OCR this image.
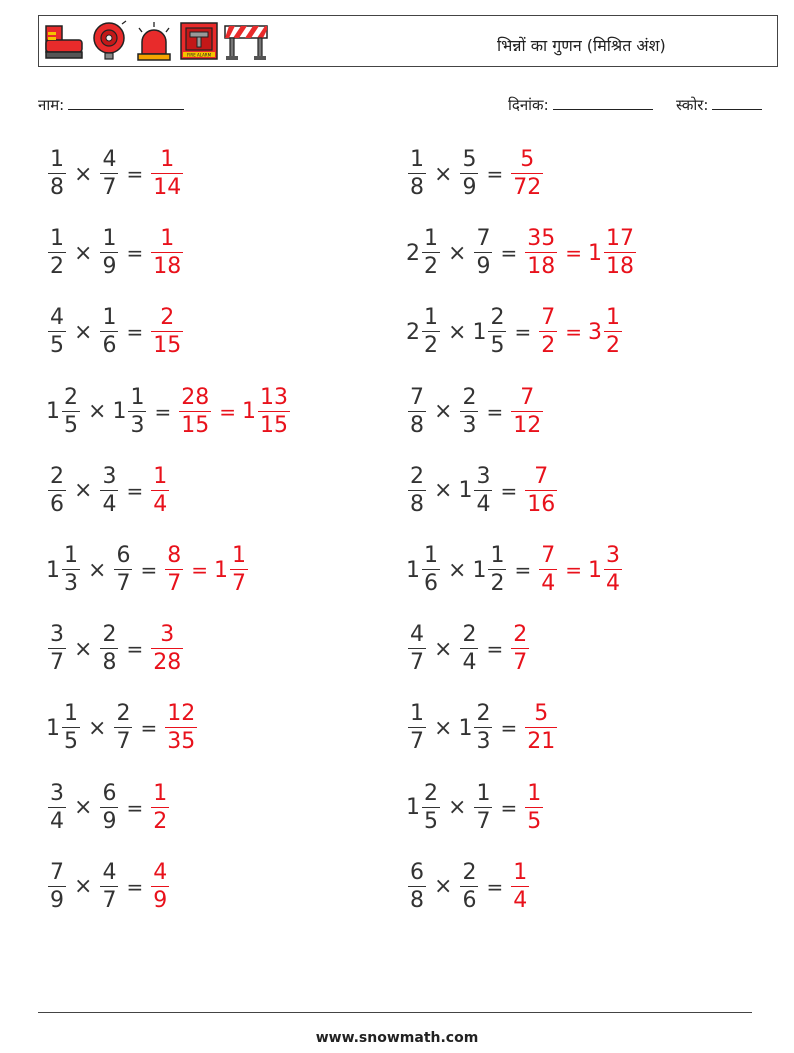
FIRE ALARM	भिन्नों का गुणन (मिश्रित अंश)
नाम:	दिनांक:	स्कोर:
$\frac{1}{8} \times \frac{4}{7} = \frac{1}{14}$	$\frac{1}{8} \times \frac{5}{9} = \frac{5}{72}$
$\frac{1}{2} \times \frac{1}{9} = \frac{1}{18}$	$2 \frac{1}{2} \times \frac{7}{9} = \frac{35}{18} = 1 \frac{17}{18}$
$\frac{4}{5} \times \frac{1}{6} = \frac{2}{15}$	$2 \frac{1}{2} \times 1 \frac{2}{5} = \frac{7}{2} = 3 \frac{1}{2}$
$1 \frac{2}{5} \times 1 \frac{1}{3} = \frac{28}{15} = 1 \frac{13}{15}$	$\frac{7}{8} \times \frac{2}{3} = \frac{7}{12}$
$\frac{2}{6} \times \frac{3}{4} = \frac{1}{4}$	$\frac{2}{8} \times 1 \frac{3}{4} = \frac{7}{16}$
$1 \frac{1}{3} \times \frac{6}{7} = \frac{8}{7} = 1 \frac{1}{7}$	$1 \frac{1}{6} \times 1 \frac{1}{2} = \frac{7}{4} = 1 \frac{3}{4}$
$\frac{3}{7} \times \frac{2}{8} = \frac{3}{28}$	$\frac{4}{7} \times \frac{2}{4} = \frac{2}{7}$
$1 \frac{1}{5} \times \frac{2}{7} = \frac{12}{35}$	$\frac{1}{7} \times 1 \frac{2}{3} = \frac{5}{21}$
$\frac{3}{4} \times \frac{6}{9} = \frac{1}{2}$	$1 \frac{2}{5} \times \frac{1}{7} = \frac{1}{5}$
$\frac{7}{9} \times \frac{4}{7} = \frac{4}{9}$	$\frac{6}{8} \times \frac{2}{6} = \frac{1}{4}$
www.snowmath.com
